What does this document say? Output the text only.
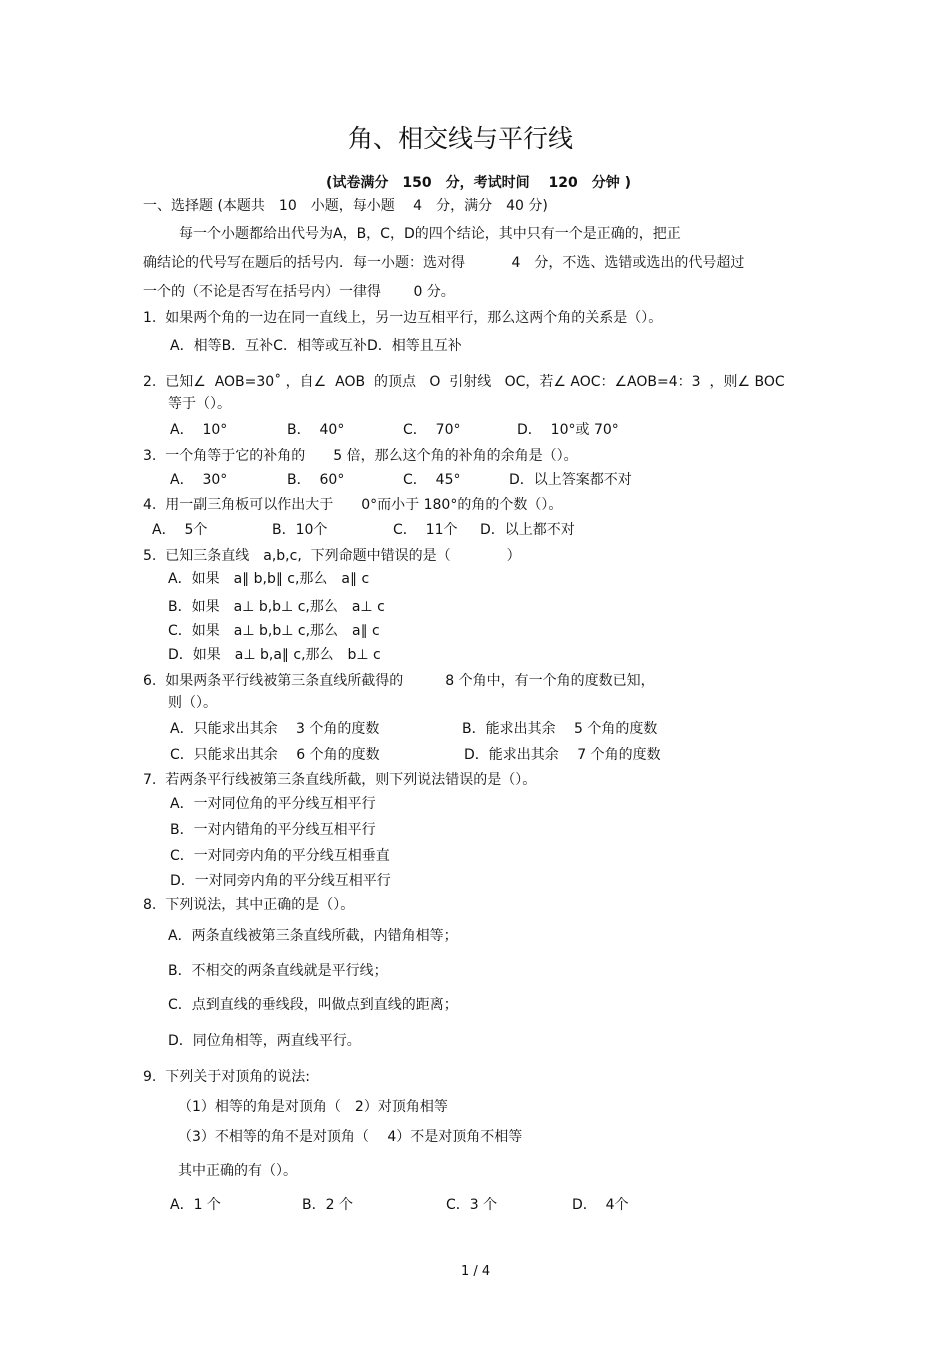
角、相交线与平行线
(试卷满分　150　分，考试时间　 120　分钟 )
一、选择题 (本题共　10　小题，每小题　 4　分，满分　40 分)
每一个小题都给出代号为A，B，C，D的四个结论，其中只有一个是正确的，把正
确结论的代号写在题后的括号内．每一小题：选对得　　　 4　分，不选、选错或选出的代号超过
一个的（不论是否写在括号内）一律得　　 0 分。
1.  如果两个角的一边在同一直线上，另一边互相平行，那么这两个角的关系是（）。
A．相等B．互补C．相等或互补D．相等且互补
2.  已知∠  AOB=30˚ ，自∠  AOB  的顶点   O  引射线   OC，若∠ AOC：∠AOB=4：3  ，则∠ BOC
等于（）。
A．  10°	B．  40°	C．  70°	D．  10°或 70°
3.  一个角等于它的补角的　　5 倍，那么这个角的补角的余角是（）。
A．  30°	B．  60°	C．  45°	D．以上答案都不对
4.  用一副三角板可以作出大于　　0°而小于 180°的角的个数（）。
A．  5个	B．10个	C．  11个 D．以上都不对
5.  已知三条直线　a,b,c,  下列命题中错误的是（　　　　）
A．如果　a∥ b,b∥ c,那么　a∥ c
B．如果　a⊥ b,b⊥ c,那么　a⊥ c
C．如果　a⊥ b,b⊥ c,那么　a∥ c
D．如果　a⊥ b,a∥ c,那么　b⊥ c
6.  如果两条平行线被第三条直线所截得的　　　8 个角中，有一个角的度数已知，
则（）。
A．只能求出其余　 3 个角的度数	B．能求出其余　 5 个角的度数
C．只能求出其余　 6 个角的度数	D．能求出其余　 7 个角的度数
7.  若两条平行线被第三条直线所截，则下列说法错误的是（）。
A．一对同位角的平分线互相平行
B．一对内错角的平分线互相平行
C．一对同旁内角的平分线互相垂直
D．一对同旁内角的平分线互相平行
8.  下列说法，其中正确的是（）。
A．两条直线被第三条直线所截，内错角相等；
B．不相交的两条直线就是平行线；
C．点到直线的垂线段，叫做点到直线的距离；
D．同位角相等，两直线平行。
9.  下列关于对顶角的说法:
（1）相等的角是对顶角（　2）对顶角相等
（3）不相等的角不是对顶角（　 4）不是对顶角不相等
其中正确的有（）。
A．1 个	B．2 个	C．3 个	D．  4个
1 / 4
